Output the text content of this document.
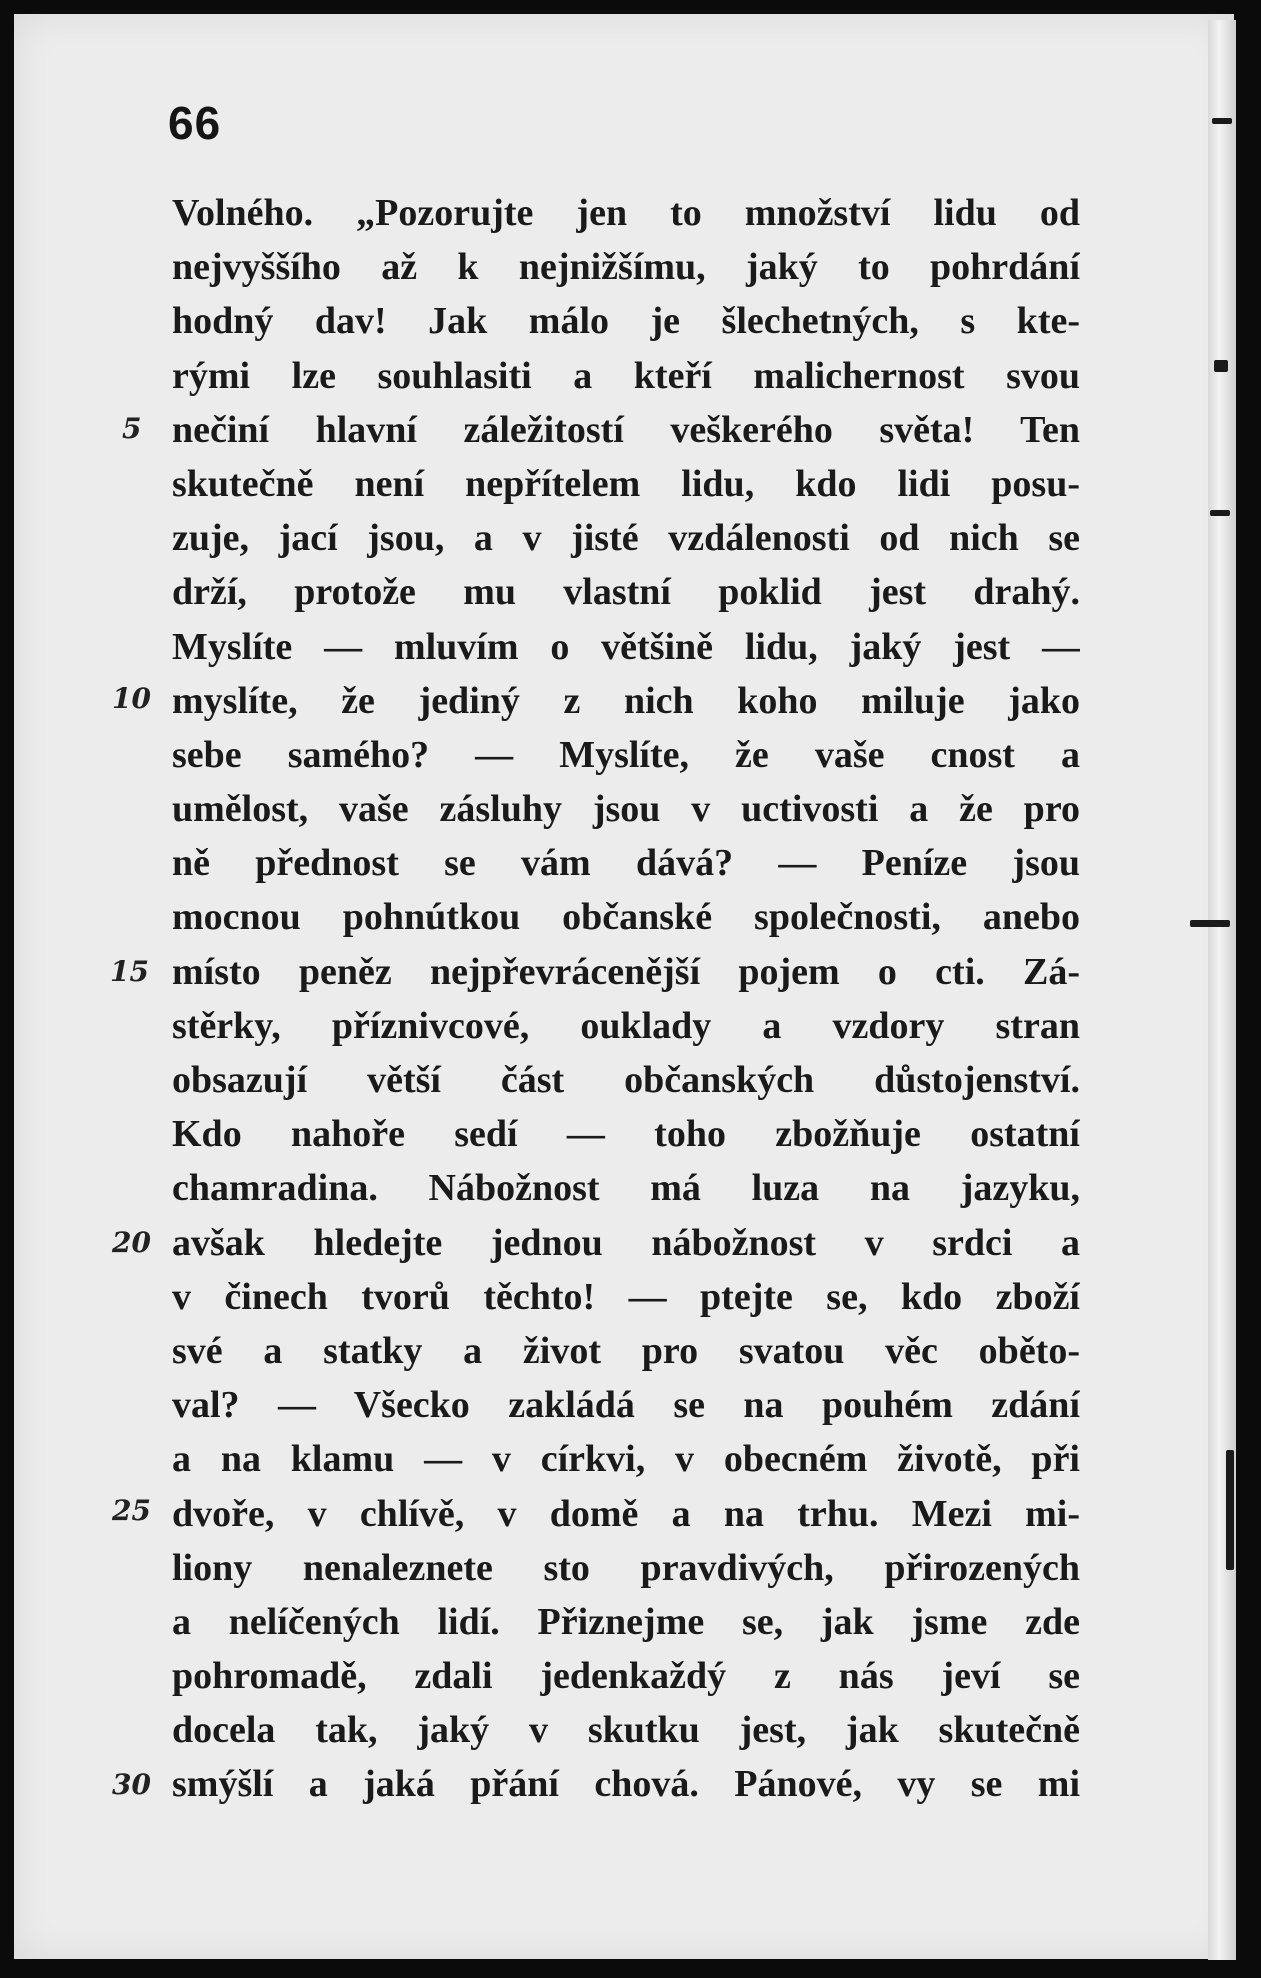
66
5
10
15
20
25
30
Volného. „Pozorujte jen to množství lidu od
nejvyššího až k nejnižšímu, jaký to pohrdání
hodný dav! Jak málo je šlechetných, s kte-
rými lze souhlasiti a kteří malichernost svou
nečiní hlavní záležitostí veškerého světa! Ten
skutečně není nepřítelem lidu, kdo lidi posu-
zuje, jací jsou, a v jisté vzdálenosti od nich se
drží, protože mu vlastní poklid jest drahý.
Myslíte — mluvím o většině lidu, jaký jest —
myslíte, že jediný z nich koho miluje jako
sebe samého? — Myslíte, že vaše cnost a
umělost, vaše zásluhy jsou v uctivosti a že pro
ně přednost se vám dává? — Peníze jsou
mocnou pohnútkou občanské společnosti, anebo
místo peněz nejpřevrácenější pojem o cti. Zá-
stěrky, příznivcové, ouklady a vzdory stran
obsazují větší část občanských důstojenství.
Kdo nahoře sedí — toho zbožňuje ostatní
chamradina. Nábožnost má luza na jazyku,
avšak hledejte jednou nábožnost v srdci a
v činech tvorů těchto! — ptejte se, kdo zboží
své a statky a život pro svatou věc oběto-
val? — Všecko zakládá se na pouhém zdání
a na klamu — v církvi, v obecném životě, při
dvoře, v chlívě, v domě a na trhu. Mezi mi-
liony nenaleznete sto pravdivých, přirozených
a nelíčených lidí. Přiznejme se, jak jsme zde
pohromadě, zdali jedenkaždý z nás jeví se
docela tak, jaký v skutku jest, jak skutečně
smýšlí a jaká přání chová. Pánové, vy se mi
